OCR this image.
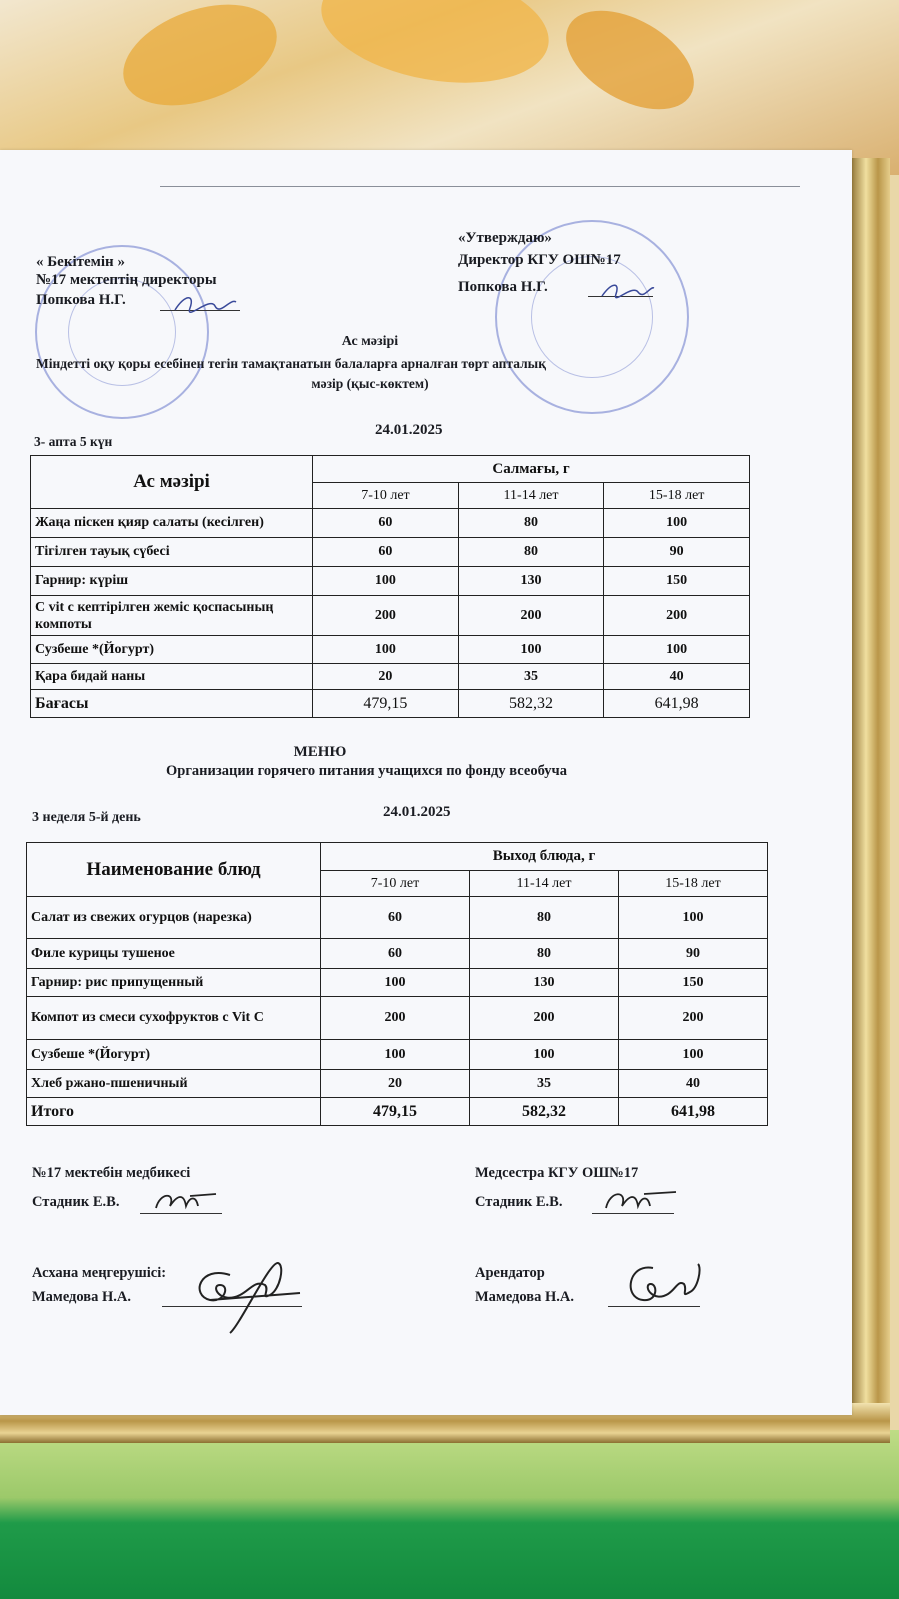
« Бекітемін »
№17 мектептің директоры
Попкова Н.Г.
«Утверждаю»
Директор КГУ ОШ№17
Попкова Н.Г.
Ас мәзірі
Міндетті оқу қоры есебінен тегін тамақтанатын балаларға арналған төрт апталық
мәзір (қыс-көктем)
3- апта 5 күн
24.01.2025
Ас мәзірі	Салмағы, г		
	7-10 лет	11-14 лет	15-18 лет
Жаңа піскен қияр салаты (кесілген)	60	80	100
Тігілген тауық сүбесі	60	80	90
Гарнир: күріш	100	130	150
С vit с кептірілген жеміс қоспасының компоты	200	200	200
Сузбеше *(Йогурт)	100	100	100
Қара бидай наны	20	35	40
Бағасы	479,15	582,32	641,98
МЕНЮ
Организации горячего питания учащихся по фонду всеобуча
3 неделя 5-й день	24.01.2025
Наименование блюд	Выход блюда, г		
	7-10 лет	11-14 лет	15-18 лет
Салат из свежих огурцов (нарезка)	60	80	100
Филе курицы тушеное	60	80	90
Гарнир: рис припущенный	100	130	150
Компот из смеси сухофруктов с Vit C	200	200	200
Сузбеше *(Йогурт)	100	100	100
Хлеб ржано-пшеничный	20	35	40
Итого	479,15	582,32	641,98
№17 мектебін медбикесі
Стадник Е.В.
Медсестра КГУ ОШ№17
Стадник Е.В.
Асхана меңгерушісі:
Мамедова Н.А.
Арендатор
Мамедова Н.А.
